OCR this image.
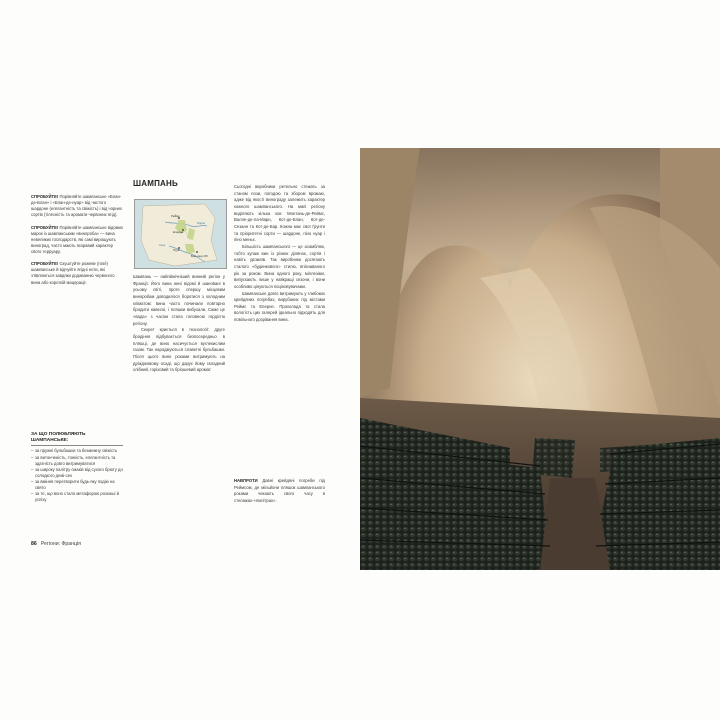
СПРОБУЙТЕ! Порівняйте шампанське «Блан-де-Блан» і «Блан-де-нуар» від чистого шардоне (елегантність та свіжість) і від чорних сортів (тілесність та аромати червоних ягід).

СПРОБУЙТЕ! Порівняйте шампанське відомих марок із шампанським «винороба» — вина невеликих господарств, які самі вирощують виноград, часто мають яскравий характер свого терруару.

СПРОБУЙТЕ! Скуштуйте рожеве (rosé) шампанське й відчуйте ягідні ноти, які з'являються завдяки додаванню червоного вина або короткій мацерації.

ЗА ЩО ПОЛЮБЛЯЮТЬ ШАМПАНСЬКЕ:
– за пружні бульбашки та безмежну свіжість
– за витонченість, тонкість, елегантність та здатність довго витримуватися
– за широку палітру смаків від сухого брюту до солодкого демі-сек
– за вміння перетворити будь-яку подію на свято
– за те, що воно стало метафорою розкоші й успіху
ШАМПАНЬ
Реймс
Епернe
Труа
Бар-сюр-Об
Марна
Сена

Шампань — найпівнічніший винний регіон у Франції. Його вина нині відомі й шановані в усьому світі, проте спершу місцевим виноробам доводилося боротися з холодним кліматом: вина часто починали повторно бродити навесні, і пляшки вибухали. Саме це «вада» з часом стала головною гордістю регіону.

Секрет криється в технології: друге бродіння відбувається безпосередньо в пляшці, де вино насичується вуглекислим газом. Так народжуються славетні бульбашки. Після цього вино роками витримують на дріжджовому осаді, що дарує йому складний хлібний, горіховий та бріошевий аромат.

Сьогодні виробники ретельно стежать за станом лози, погодою та збором врожаю, адже від якості винограду залежить характер кожного шампанського. На мапі регіону виділяють кілька зон: Монтань-де-Реймс, Валле-де-ла-Марн, Кот-де-Блан, Кот-де-Сезанн та Кот-де-Бар. Кожна має свої ґрунти та пріоритетні сорти — шардоне, піно нуар і піно меньє.

Більшість шампанського — це асамбляж, тобто купаж вин із різних ділянок, сортів і навіть урожаїв. Так виробники досягають сталого «будинкового» стилю, впізнаваного рік за роком. Вина одного року, міллезіми, випускають лише у найкращі сезони, і вони особливо цінуються поціновувачами.

Шампанське довго витримують у глибоких крейдяних погребах, вирубаних під містами Реймс та Епернe. Прохолода та стала вологість цих галерей ідеально підходять для повільного дозрівання вина.

НАВПРОТИ Давні крейдяні погреби під Реймсом, де мільйони пляшок шампанського роками чекають свого часу в стелажах-«пюпітрах».

86 Регіони: Франція
